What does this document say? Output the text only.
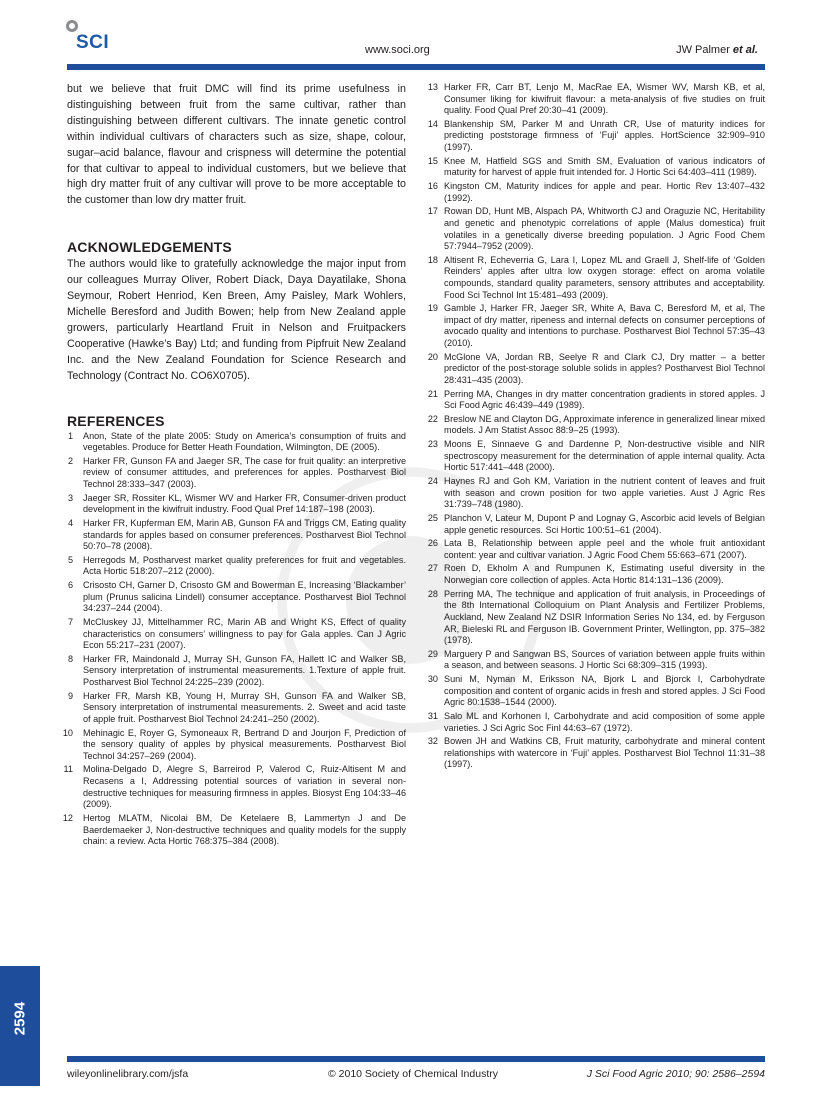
SCI	www.soci.org	JW Palmer et al.

but we believe that fruit DMC will find its prime usefulness in distinguishing between fruit from the same cultivar, rather than distinguishing between different cultivars. The innate genetic control within individual cultivars of characters such as size, shape, colour, sugar–acid balance, flavour and crispness will determine the potential for that cultivar to appeal to individual customers, but we believe that high dry matter fruit of any cultivar will prove to be more acceptable to the customer than low dry matter fruit.

ACKNOWLEDGEMENTS

The authors would like to gratefully acknowledge the major input from our colleagues Murray Oliver, Robert Diack, Daya Dayatilake, Shona Seymour, Robert Henriod, Ken Breen, Amy Paisley, Mark Wohlers, Michelle Beresford and Judith Bowen; help from New Zealand apple growers, particularly Heartland Fruit in Nelson and Fruitpackers Cooperative (Hawke’s Bay) Ltd; and funding from Pipfruit New Zealand Inc. and the New Zealand Foundation for Science Research and Technology (Contract No. CO6X0705).

REFERENCES
1 Anon, State of the plate 2005: Study on America’s consumption of fruits and vegetables. Produce for Better Heath Foundation, Wilmington, DE (2005).
2 Harker FR, Gunson FA and Jaeger SR, The case for fruit quality: an interpretive review of consumer attitudes, and preferences for apples. Postharvest Biol Technol 28:333–347 (2003).
3 Jaeger SR, Rossiter KL, Wismer WV and Harker FR, Consumer-driven product development in the kiwifruit industry. Food Qual Pref 14:187–198 (2003).
4 Harker FR, Kupferman EM, Marin AB, Gunson FA and Triggs CM, Eating quality standards for apples based on consumer preferences. Postharvest Biol Technol 50:70–78 (2008).
5 Herregods M, Postharvest market quality preferences for fruit and vegetables. Acta Hortic 518:207–212 (2000).
6 Crisosto CH, Garner D, Crisosto GM and Bowerman E, Increasing ‘Blackamber’ plum (Prunus salicina Lindell) consumer acceptance. Postharvest Biol Technol 34:237–244 (2004).
7 McCluskey JJ, Mittelhammer RC, Marin AB and Wright KS, Effect of quality characteristics on consumers’ willingness to pay for Gala apples. Can J Agric Econ 55:217–231 (2007).
8 Harker FR, Maindonald J, Murray SH, Gunson FA, Hallett IC and Walker SB, Sensory interpretation of instrumental measurements. 1.Texture of apple fruit. Postharvest Biol Technol 24:225–239 (2002).
9 Harker FR, Marsh KB, Young H, Murray SH, Gunson FA and Walker SB, Sensory interpretation of instrumental measurements. 2. Sweet and acid taste of apple fruit. Postharvest Biol Technol 24:241–250 (2002).
10 Mehinagic E, Royer G, Symoneaux R, Bertrand D and Jourjon F, Prediction of the sensory quality of apples by physical measurements. Postharvest Biol Technol 34:257–269 (2004).
11 Molina-Delgado D, Alegre S, Barreirod P, Valerod C, Ruiz-Altisent M and Recasens a I, Addressing potential sources of variation in several non-destructive techniques for measuring firmness in apples. Biosyst Eng 104:33–46 (2009).
12 Hertog MLATM, Nicolai BM, De Ketelaere B, Lammertyn J and De Baerdemaeker J, Non-destructive techniques and quality models for the supply chain: a review. Acta Hortic 768:375–384 (2008).
13 Harker FR, Carr BT, Lenjo M, MacRae EA, Wismer WV, Marsh KB, et al, Consumer liking for kiwifruit flavour: a meta-analysis of five studies on fruit quality. Food Qual Pref 20:30–41 (2009).
14 Blankenship SM, Parker M and Unrath CR, Use of maturity indices for predicting poststorage firmness of ‘Fuji’ apples. HortScience 32:909–910 (1997).
15 Knee M, Hatfield SGS and Smith SM, Evaluation of various indicators of maturity for harvest of apple fruit intended for. J Hortic Sci 64:403–411 (1989).
16 Kingston CM, Maturity indices for apple and pear. Hortic Rev 13:407–432 (1992).
17 Rowan DD, Hunt MB, Alspach PA, Whitworth CJ and Oraguzie NC, Heritability and genetic and phenotypic correlations of apple (Malus domestica) fruit volatiles in a genetically diverse breeding population. J Agric Food Chem 57:7944–7952 (2009).
18 Altisent R, Echeverria G, Lara I, Lopez ML and Graell J, Shelf-life of ‘Golden Reinders’ apples after ultra low oxygen storage: effect on aroma volatile compounds, standard quality parameters, sensory attributes and acceptability. Food Sci Technol Int 15:481–493 (2009).
19 Gamble J, Harker FR, Jaeger SR, White A, Bava C, Beresford M, et al, The impact of dry matter, ripeness and internal defects on consumer perceptions of avocado quality and intentions to purchase. Postharvest Biol Technol 57:35–43 (2010).
20 McGlone VA, Jordan RB, Seelye R and Clark CJ, Dry matter – a better predictor of the post-storage soluble solids in apples? Postharvest Biol Technol 28:431–435 (2003).
21 Perring MA, Changes in dry matter concentration gradients in stored apples. J Sci Food Agric 46:439–449 (1989).
22 Breslow NE and Clayton DG, Approximate inference in generalized linear mixed models. J Am Statist Assoc 88:9–25 (1993).
23 Moons E, Sinnaeve G and Dardenne P, Non-destructive visible and NIR spectroscopy measurement for the determination of apple internal quality. Acta Hortic 517:441–448 (2000).
24 Haynes RJ and Goh KM, Variation in the nutrient content of leaves and fruit with season and crown position for two apple varieties. Aust J Agric Res 31:739–748 (1980).
25 Planchon V, Lateur M, Dupont P and Lognay G, Ascorbic acid levels of Belgian apple genetic resources. Sci Hortic 100:51–61 (2004).
26 Lata B, Relationship between apple peel and the whole fruit antioxidant content: year and cultivar variation. J Agric Food Chem 55:663–671 (2007).
27 Roen D, Ekholm A and Rumpunen K, Estimating useful diversity in the Norwegian core collection of apples. Acta Hortic 814:131–136 (2009).
28 Perring MA, The technique and application of fruit analysis, in Proceedings of the 8th International Colloquium on Plant Analysis and Fertilizer Problems, Auckland, New Zealand NZ DSIR Information Series No 134, ed. by Ferguson AR, Bieleski RL and Ferguson IB. Government Printer, Wellington, pp. 375–382 (1978).
29 Marguery P and Sangwan BS, Sources of variation between apple fruits within a season, and between seasons. J Hortic Sci 68:309–315 (1993).
30 Suni M, Nyman M, Eriksson NA, Bjork L and Bjorck I, Carbohydrate composition and content of organic acids in fresh and stored apples. J Sci Food Agric 80:1538–1544 (2000).
31 Salo ML and Korhonen I, Carbohydrate and acid composition of some apple varieties. J Sci Agric Soc Finl 44:63–67 (1972).
32 Bowen JH and Watkins CB, Fruit maturity, carbohydrate and mineral content relationships with watercore in ‘Fuji’ apples. Postharvest Biol Technol 11:31–38 (1997).
wileyonlinelibrary.com/jsfa	© 2010 Society of Chemical Industry	J Sci Food Agric 2010; 90: 2586–2594
2594
